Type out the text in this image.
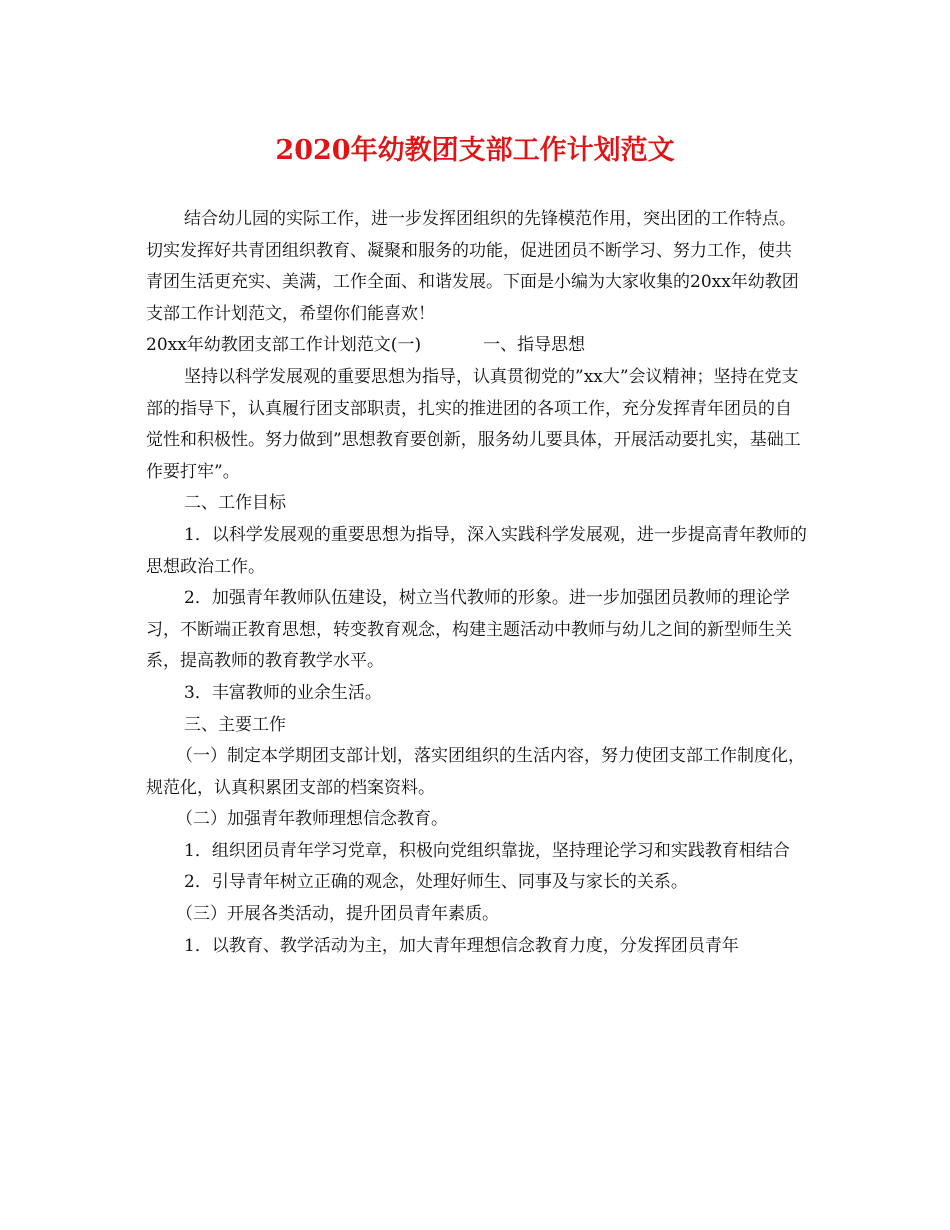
2020年幼教团支部工作计划范文

结合幼儿园的实际工作，进一步发挥团组织的先锋模范作用，突出团的工作特点。切实发挥好共青团组织教育、凝聚和服务的功能，促进团员不断学习、努力工作，使共青团生活更充实、美满，工作全面、和谐发展。下面是小编为大家收集的20xx年幼教团支部工作计划范文，希望你们能喜欢！

20xx年幼教团支部工作计划范文(一)	一、指导思想

坚持以科学发展观的重要思想为指导，认真贯彻党的”xx大”会议精神；坚持在党支部的指导下，认真履行团支部职责，扎实的推进团的各项工作，充分发挥青年团员的自觉性和积极性。努力做到”思想教育要创新，服务幼儿要具体，开展活动要扎实，基础工作要打牢”。

二、工作目标

1．以科学发展观的重要思想为指导，深入实践科学发展观，进一步提高青年教师的思想政治工作。

2．加强青年教师队伍建设，树立当代教师的形象。进一步加强团员教师的理论学习，不断端正教育思想，转变教育观念，构建主题活动中教师与幼儿之间的新型师生关系，提高教师的教育教学水平。

3．丰富教师的业余生活。

三、主要工作

（一）制定本学期团支部计划，落实团组织的生活内容，努力使团支部工作制度化，规范化，认真积累团支部的档案资料。

（二）加强青年教师理想信念教育。

1．组织团员青年学习党章，积极向党组织靠拢，坚持理论学习和实践教育相结合

2．引导青年树立正确的观念，处理好师生、同事及与家长的关系。

（三）开展各类活动，提升团员青年素质。

1．以教育、教学活动为主，加大青年理想信念教育力度，分发挥团员青年
